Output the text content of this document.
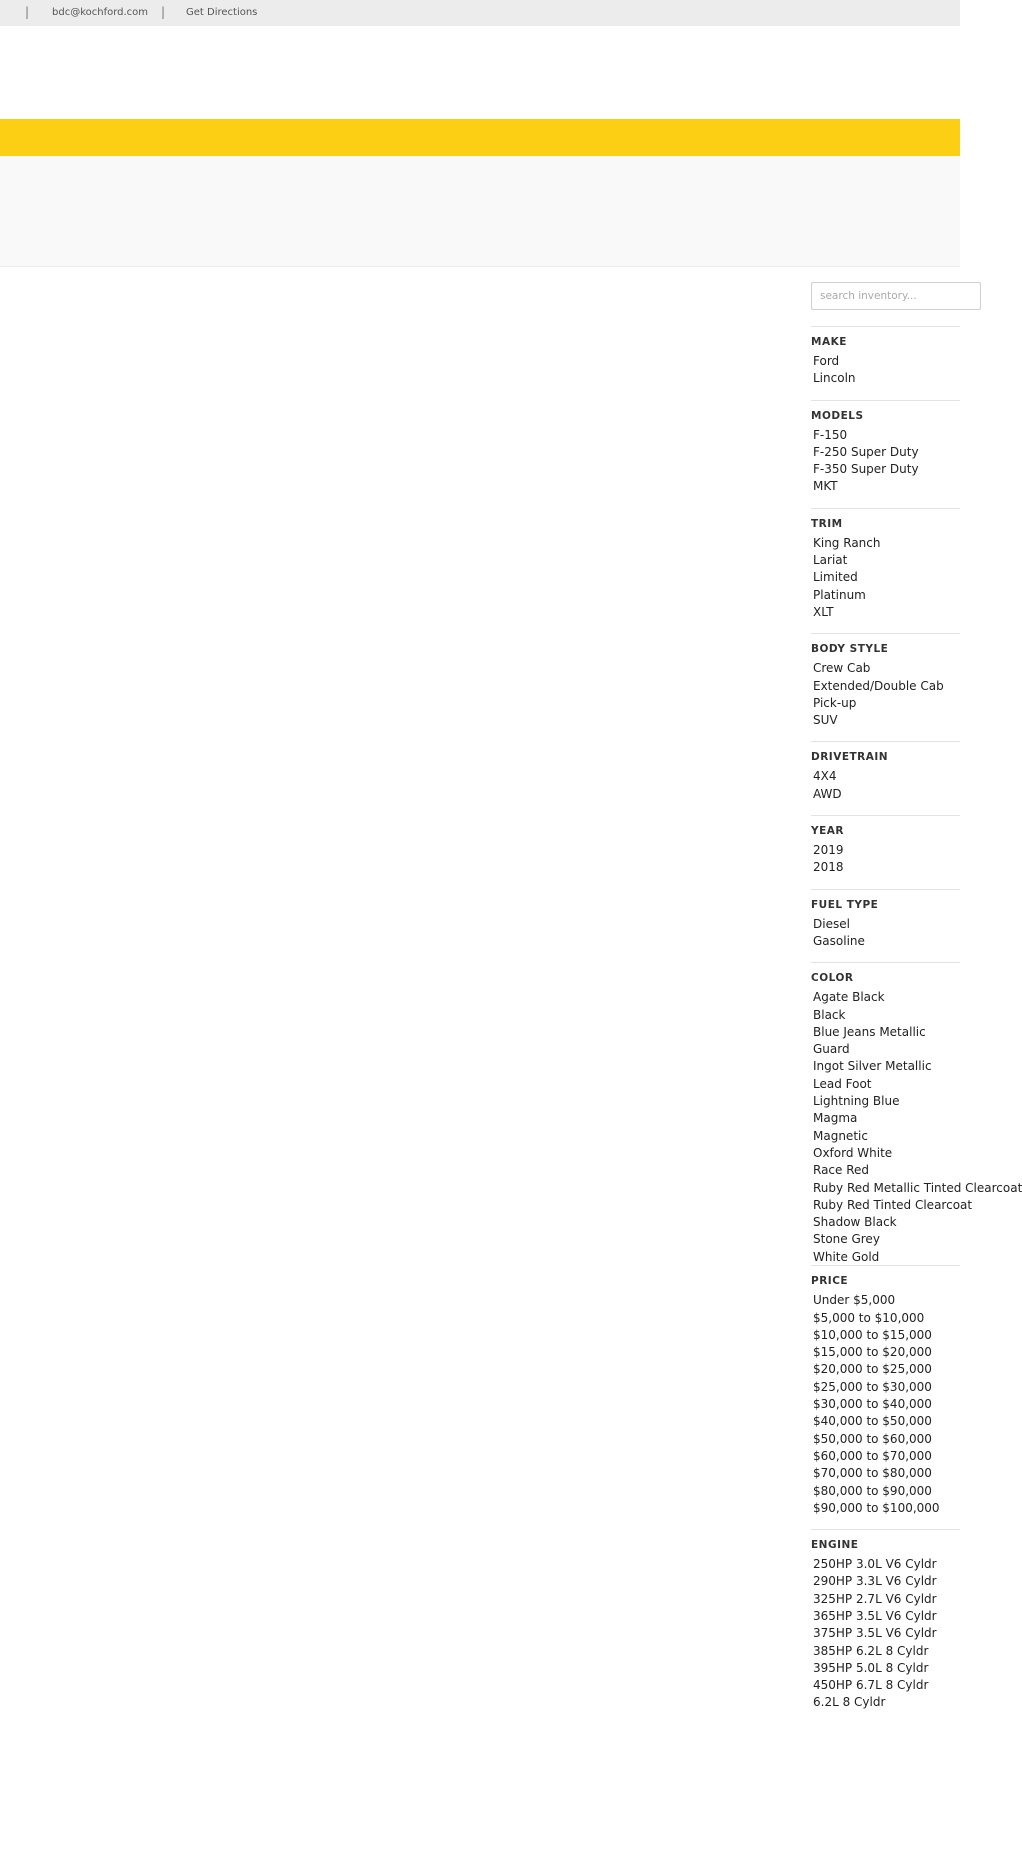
| bdc@kochford.com | Get Directions
search inventory...
MAKE
Ford
Lincoln
MODELS
F-150
F-250 Super Duty
F-350 Super Duty
MKT
TRIM
King Ranch
Lariat
Limited
Platinum
XLT
BODY STYLE
Crew Cab
Extended/Double Cab
Pick-up
SUV
DRIVETRAIN
4X4
AWD
YEAR
2019
2018
FUEL TYPE
Diesel
Gasoline
COLOR
Agate Black
Black
Blue Jeans Metallic
Guard
Ingot Silver Metallic
Lead Foot
Lightning Blue
Magma
Magnetic
Oxford White
Race Red
Ruby Red Metallic Tinted Clearcoat
Ruby Red Tinted Clearcoat
Shadow Black
Stone Grey
White Gold
PRICE
Under $5,000
$5,000 to $10,000
$10,000 to $15,000
$15,000 to $20,000
$20,000 to $25,000
$25,000 to $30,000
$30,000 to $40,000
$40,000 to $50,000
$50,000 to $60,000
$60,000 to $70,000
$70,000 to $80,000
$80,000 to $90,000
$90,000 to $100,000
ENGINE
250HP 3.0L V6 Cyldr
290HP 3.3L V6 Cyldr
325HP 2.7L V6 Cyldr
365HP 3.5L V6 Cyldr
375HP 3.5L V6 Cyldr
385HP 6.2L 8 Cyldr
395HP 5.0L 8 Cyldr
450HP 6.7L 8 Cyldr
6.2L 8 Cyldr
